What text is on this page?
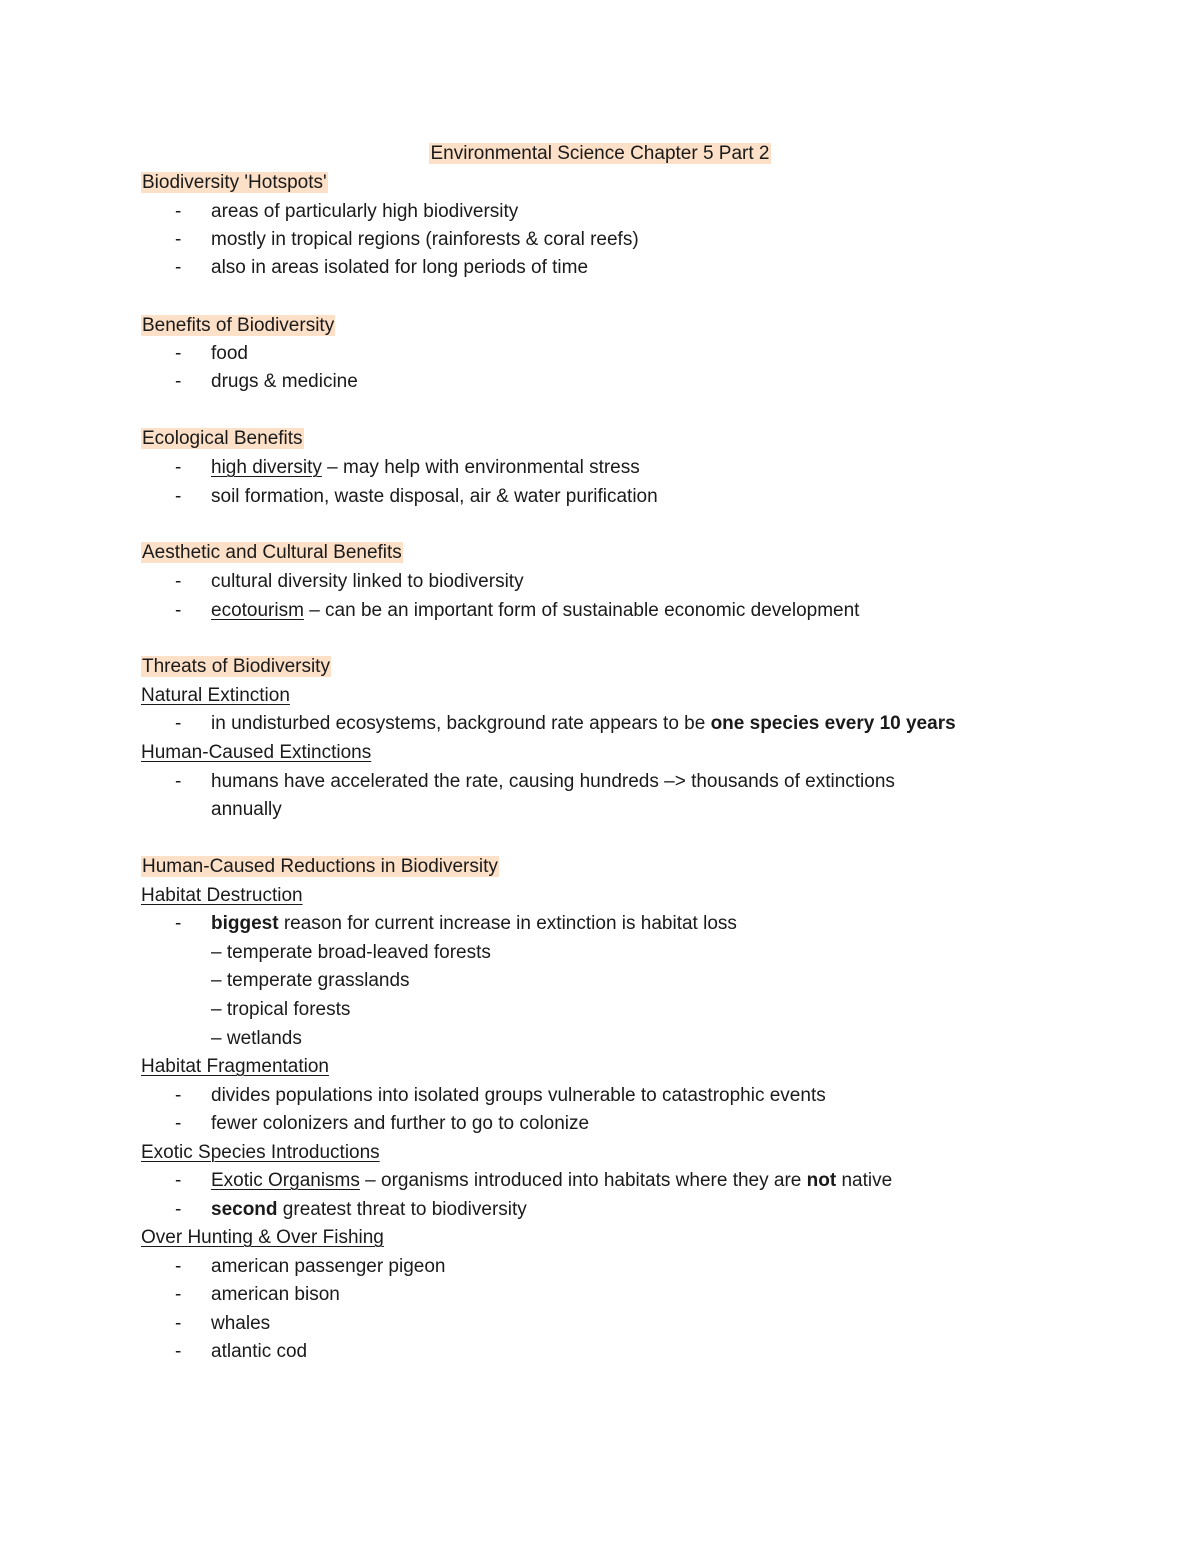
Environmental Science Chapter 5 Part 2
Biodiversity 'Hotspots'
- areas of particularly high biodiversity
- mostly in tropical regions (rainforests & coral reefs)
- also in areas isolated for long periods of time
Benefits of Biodiversity
- food
- drugs & medicine
Ecological Benefits
- high diversity – may help with environmental stress
- soil formation, waste disposal, air & water purification
Aesthetic and Cultural Benefits
- cultural diversity linked to biodiversity
- ecotourism – can be an important form of sustainable economic development
Threats of Biodiversity
Natural Extinction
- in undisturbed ecosystems, background rate appears to be one species every 10 years
Human-Caused Extinctions
- humans have accelerated the rate, causing hundreds –> thousands of extinctions
annually
Human-Caused Reductions in Biodiversity
Habitat Destruction
- biggest reason for current increase in extinction is habitat loss
– temperate broad-leaved forests
– temperate grasslands
– tropical forests
– wetlands
Habitat Fragmentation
- divides populations into isolated groups vulnerable to catastrophic events
- fewer colonizers and further to go to colonize
Exotic Species Introductions
- Exotic Organisms – organisms introduced into habitats where they are not native
- second greatest threat to biodiversity
Over Hunting & Over Fishing
- american passenger pigeon
- american bison
- whales
- atlantic cod
